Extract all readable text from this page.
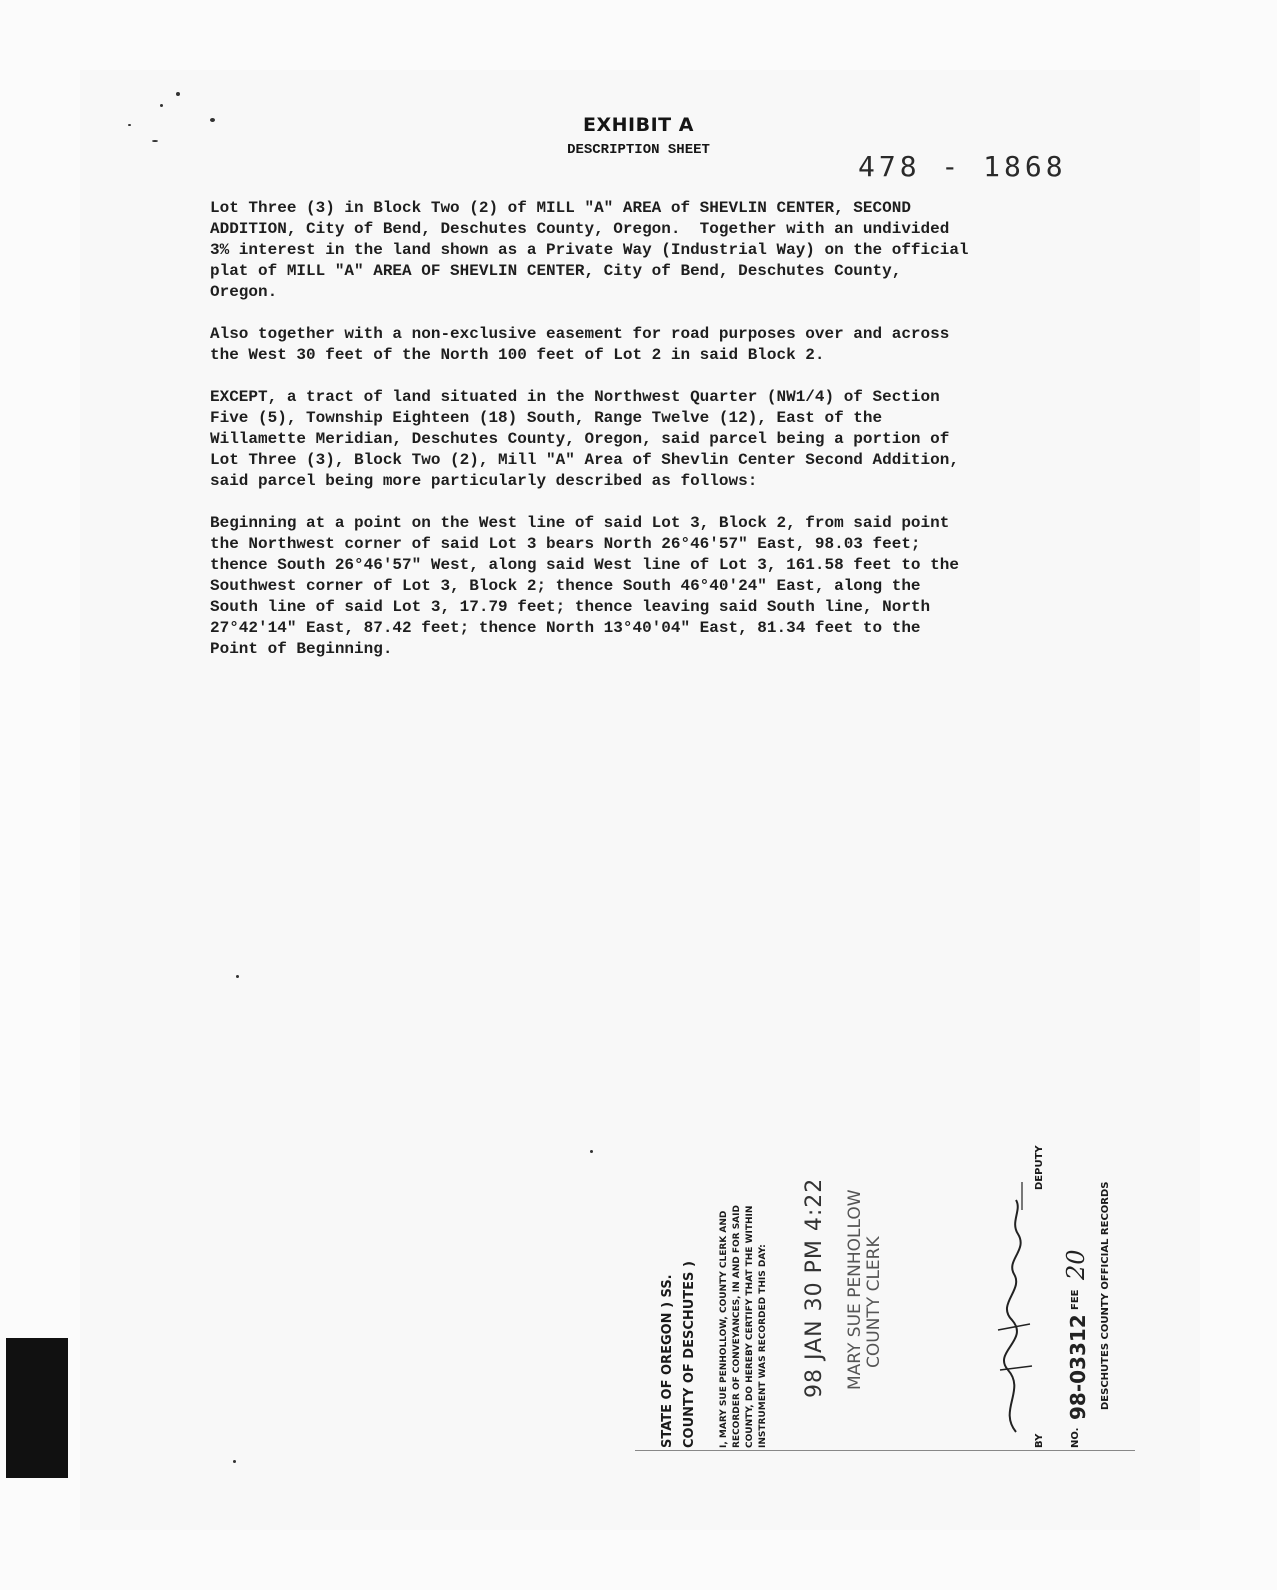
EXHIBIT A
DESCRIPTION SHEET	478 - 1868

Lot Three (3) in Block Two (2) of MILL "A" AREA of SHEVLIN CENTER, SECOND
ADDITION, City of Bend, Deschutes County, Oregon.  Together with an undivided
3% interest in the land shown as a Private Way (Industrial Way) on the official
plat of MILL "A" AREA OF SHEVLIN CENTER, City of Bend, Deschutes County,
Oregon.

Also together with a non-exclusive easement for road purposes over and across
the West 30 feet of the North 100 feet of Lot 2 in said Block 2.

EXCEPT, a tract of land situated in the Northwest Quarter (NW1/4) of Section
Five (5), Township Eighteen (18) South, Range Twelve (12), East of the
Willamette Meridian, Deschutes County, Oregon, said parcel being a portion of
Lot Three (3), Block Two (2), Mill "A" Area of Shevlin Center Second Addition,
said parcel being more particularly described as follows:

Beginning at a point on the West line of said Lot 3, Block 2, from said point
the Northwest corner of said Lot 3 bears North 26°46'57" East, 98.03 feet;
thence South 26°46'57" West, along said West line of Lot 3, 161.58 feet to the
Southwest corner of Lot 3, Block 2; thence South 46°40'24" East, along the
South line of said Lot 3, 17.79 feet; thence leaving said South line, North
27°42'14" East, 87.42 feet; thence North 13°40'04" East, 81.34 feet to the
Point of Beginning.

STATE OF OREGON ) SS. COUNTY OF DESCHUTES ) I, MARY SUE PENHOLLOW, COUNTY CLERK AND RECORDER OF CONVEYANCES, IN AND FOR SAID COUNTY, DO HEREBY CERTIFY THAT THE WITHIN INSTRUMENT WAS RECORDED THIS DAY: 98 JAN 30 PM 4:22 MARY SUE PENHOLLOW COUNTY CLERK
BY
DEPUTY
NO.
98-03312
FEE
20 DESCHUTES COUNTY OFFICIAL RECORDS
